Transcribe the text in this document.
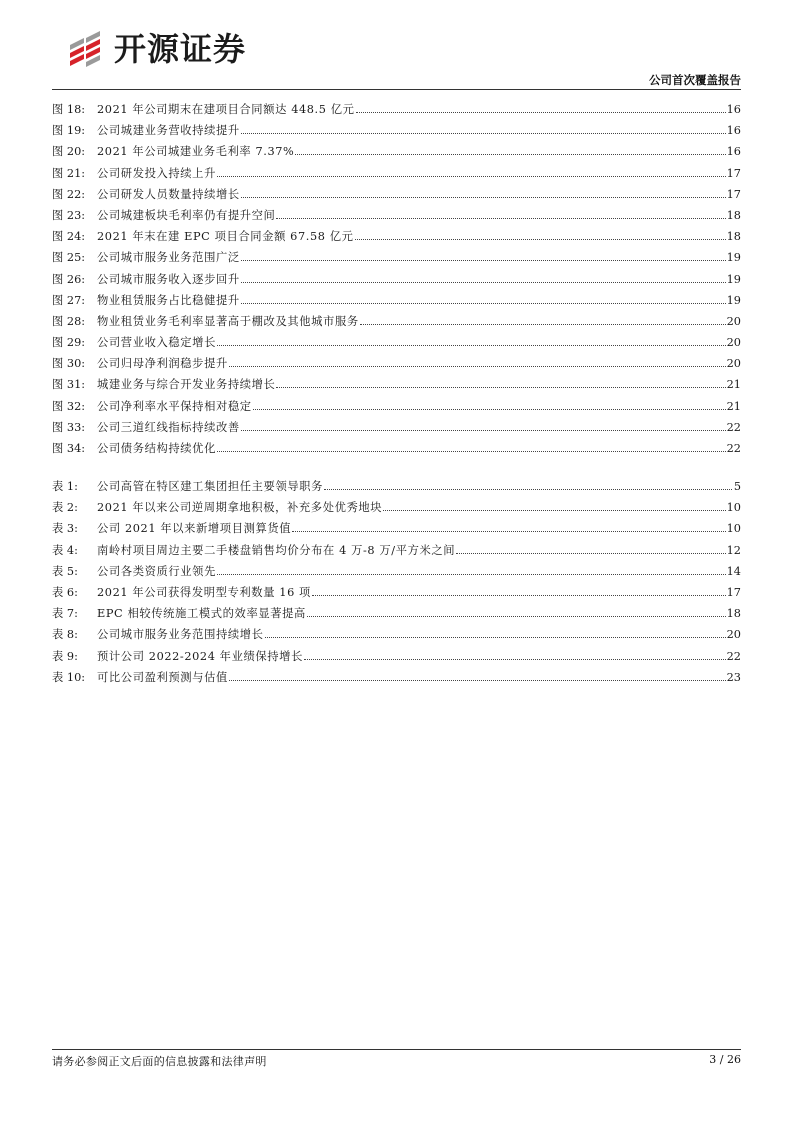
开源证券
公司首次覆盖报告
图 18:	2021 年公司期末在建项目合同额达 448.5 亿元	16
图 19:	公司城建业务营收持续提升	16
图 20:	2021 年公司城建业务毛利率 7.37%	16
图 21:	公司研发投入持续上升	17
图 22:	公司研发人员数量持续增长	17
图 23:	公司城建板块毛利率仍有提升空间	18
图 24:	2021 年末在建 EPC 项目合同金额 67.58 亿元	18
图 25:	公司城市服务业务范围广泛	19
图 26:	公司城市服务收入逐步回升	19
图 27:	物业租赁服务占比稳健提升	19
图 28:	物业租赁业务毛利率显著高于棚改及其他城市服务	20
图 29:	公司营业收入稳定增长	20
图 30:	公司归母净利润稳步提升	20
图 31:	城建业务与综合开发业务持续增长	21
图 32:	公司净利率水平保持相对稳定	21
图 33:	公司三道红线指标持续改善	22
图 34:	公司债务结构持续优化	22
表 1:	公司高管在特区建工集团担任主要领导职务	5
表 2:	2021 年以来公司逆周期拿地积极，补充多处优秀地块	10
表 3:	公司 2021 年以来新增项目测算货值	10
表 4:	南岭村项目周边主要二手楼盘销售均价分布在 4 万-8 万/平方米之间	12
表 5:	公司各类资质行业领先	14
表 6:	2021 年公司获得发明型专利数量 16 项	17
表 7:	EPC 相较传统施工模式的效率显著提高	18
表 8:	公司城市服务业务范围持续增长	20
表 9:	预计公司 2022-2024 年业绩保持增长	22
表 10:	可比公司盈利预测与估值	23
请务必参阅正文后面的信息披露和法律声明	3 / 26
